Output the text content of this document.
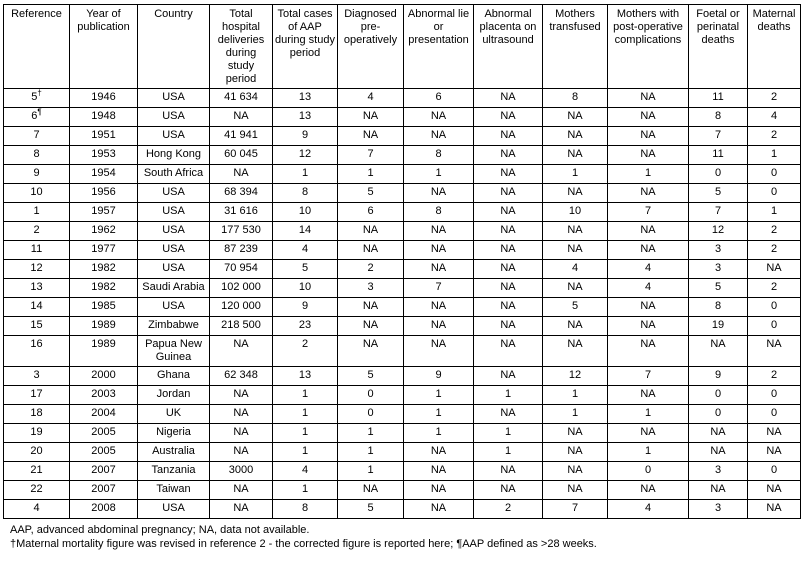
Reference	Year of publication	Country	Total hospital deliveries during study period	Total cases of AAP during study period	Diagnosed pre-operatively	Abnormal lie or presentation	Abnormal placenta on ultrasound	Mothers transfused	Mothers with post-operative complications	Foetal or perinatal deaths	Maternal deaths
5†	1946	USA	41 634	13	4	6	NA	8	NA	11	2
6¶	1948	USA	NA	13	NA	NA	NA	NA	NA	8	4
7	1951	USA	41 941	9	NA	NA	NA	NA	NA	7	2
8	1953	Hong Kong	60 045	12	7	8	NA	NA	NA	11	1
9	1954	South Africa	NA	1	1	1	NA	1	1	0	0
10	1956	USA	68 394	8	5	NA	NA	NA	NA	5	0
1	1957	USA	31 616	10	6	8	NA	10	7	7	1
2	1962	USA	177 530	14	NA	NA	NA	NA	NA	12	2
11	1977	USA	87 239	4	NA	NA	NA	NA	NA	3	2
12	1982	USA	70 954	5	2	NA	NA	4	4	3	NA
13	1982	Saudi Arabia	102 000	10	3	7	NA	NA	4	5	2
14	1985	USA	120 000	9	NA	NA	NA	5	NA	8	0
15	1989	Zimbabwe	218 500	23	NA	NA	NA	NA	NA	19	0
16	1989	Papua New Guinea	NA	2	NA	NA	NA	NA	NA	NA	NA
3	2000	Ghana	62 348	13	5	9	NA	12	7	9	2
17	2003	Jordan	NA	1	0	1	1	1	NA	0	0
18	2004	UK	NA	1	0	1	NA	1	1	0	0
19	2005	Nigeria	NA	1	1	1	1	NA	NA	NA	NA
20	2005	Australia	NA	1	1	NA	1	NA	1	NA	NA
21	2007	Tanzania	3000	4	1	NA	NA	NA	0	3	0
22	2007	Taiwan	NA	1	NA	NA	NA	NA	NA	NA	NA
4	2008	USA	NA	8	5	NA	2	7	4	3	NA
AAP, advanced abdominal pregnancy; NA, data not available.
†Maternal mortality figure was revised in reference 2 - the corrected figure is reported here; ¶AAP defined as >28 weeks.
